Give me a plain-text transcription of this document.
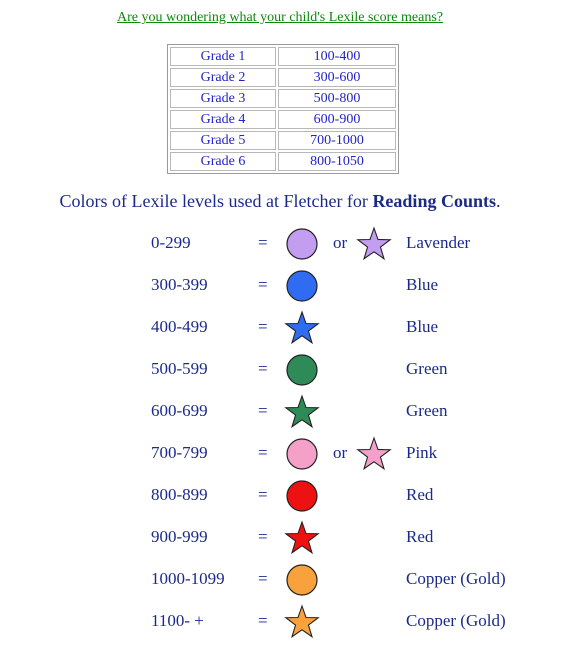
Are you wondering what your child's Lexile score means?
Grade 1	100-400
Grade 2	300-600
Grade 3	500-800
Grade 4	600-900
Grade 5	700-1000
Grade 6	800-1050
Colors of Lexile levels used at Fletcher for Reading Counts.
0-299	=	or	Lavender
300-399	=	Blue
400-499	=	Blue
500-599	=	Green
600-699	=	Green
700-799	=	or	Pink
800-899	=	Red
900-999	=	Red
1000-1099 =	Copper (Gold)
1100- +	=	Copper (Gold)
